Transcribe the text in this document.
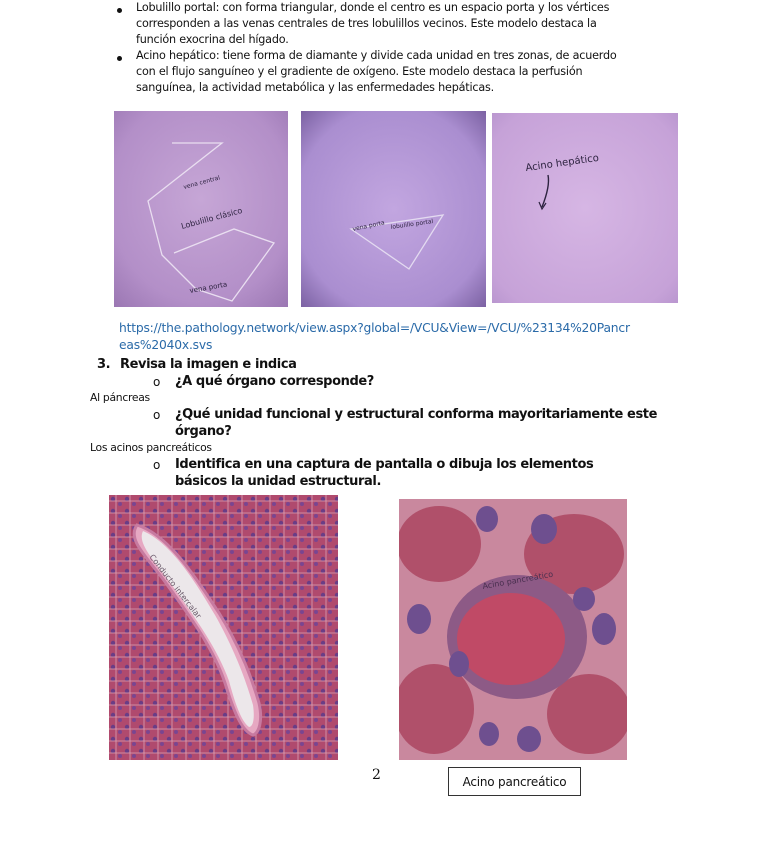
Lobulillo portal: con forma triangular, donde el centro es un espacio porta y los vértices
corresponden a las venas centrales de tres lobulillos vecinos. Este modelo destaca la
función exocrina del hígado.
Acino hepático: tiene forma de diamante y divide cada unidad en tres zonas, de acuerdo
con el flujo sanguíneo y el gradiente de oxígeno. Este modelo destaca la perfusión
sanguínea, la actividad metabólica y las enfermedades hepáticas.
vena central
Lobulillo clásico
vena porta
vena porta lobulillo portal
Acino hepático
https://the.pathology.network/view.aspx?global=/VCU&View=/VCU/%23134%20Pancr
eas%2040x.svs
3. Revisa la imagen e indica
o ¿A qué órgano corresponde?
Al páncreas
o ¿Qué unidad funcional y estructural conforma mayoritariamente este
órgano?
Los acinos pancreáticos
o Identifica en una captura de pantalla o dibuja los elementos
básicos la unidad estructural.
Conducto intercalar	Acino pancreático
2	Acino pancreático
